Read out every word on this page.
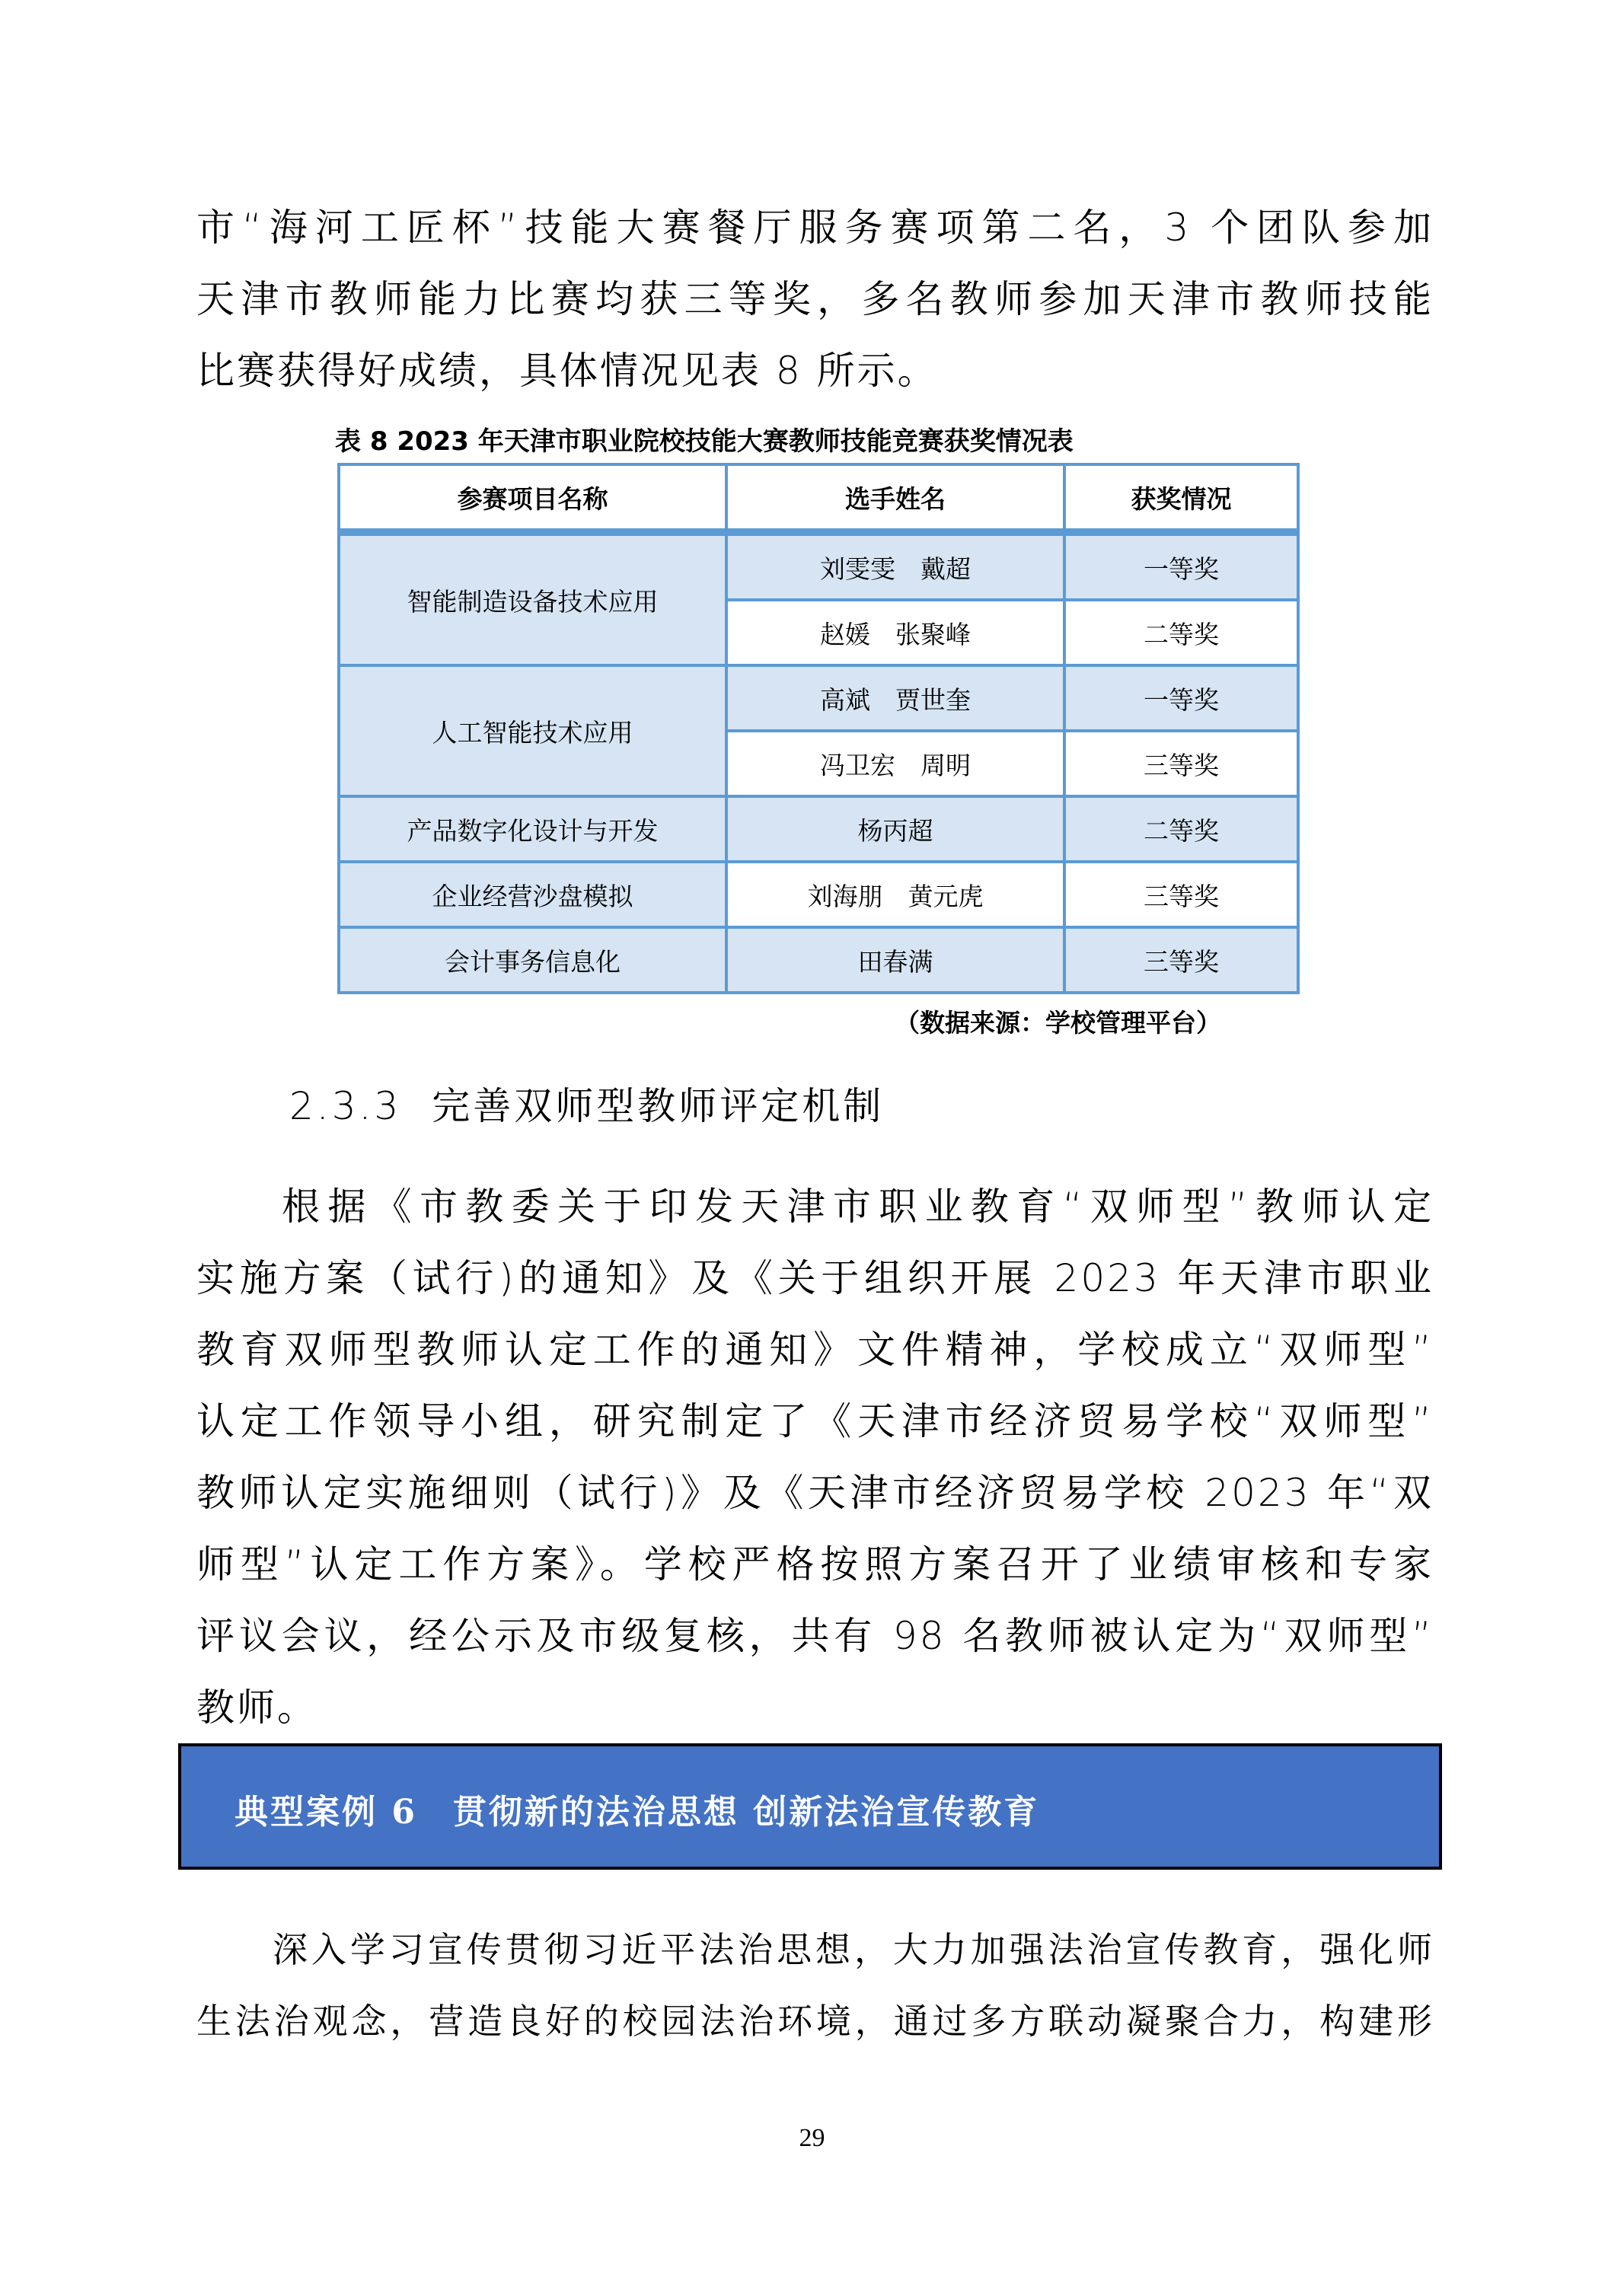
市“海河工匠杯”技能大赛餐厅服务赛项第二名，3 个团队参加
天津市教师能力比赛均获三等奖，多名教师参加天津市教师技能
比赛获得好成绩，具体情况见表 8 所示。
表 8 2023 年天津市职业院校技能大赛教师技能竞赛获奖情况表
参赛项目名称	选手姓名	获奖情况
智能制造设备技术应用	刘雯雯　戴超	一等奖
	赵媛　张聚峰	二等奖
人工智能技术应用	高斌　贾世奎	一等奖
	冯卫宏　周明	三等奖
产品数字化设计与开发	杨丙超	二等奖
企业经营沙盘模拟	刘海朋　黄元虎	三等奖
会计事务信息化	田春满	三等奖
（数据来源：学校管理平台）
2.3.3 完善双师型教师评定机制
根据《市教委关于印发天津市职业教育“双师型”教师认定
实施方案（试行)的通知》及《关于组织开展 2023 年天津市职业
教育双师型教师认定工作的通知》文件精神，学校成立“双师型”
认定工作领导小组，研究制定了《天津市经济贸易学校“双师型”
教师认定实施细则（试行)》及《天津市经济贸易学校 2023 年“双
师型”认定工作方案》。学校严格按照方案召开了业绩审核和专家
评议会议，经公示及市级复核，共有 98 名教师被认定为“双师型”
教师。
典型案例 6　贯彻新的法治思想 创新法治宣传教育
深入学习宣传贯彻习近平法治思想，大力加强法治宣传教育，强化师
生法治观念，营造良好的校园法治环境，通过多方联动凝聚合力，构建形
29
